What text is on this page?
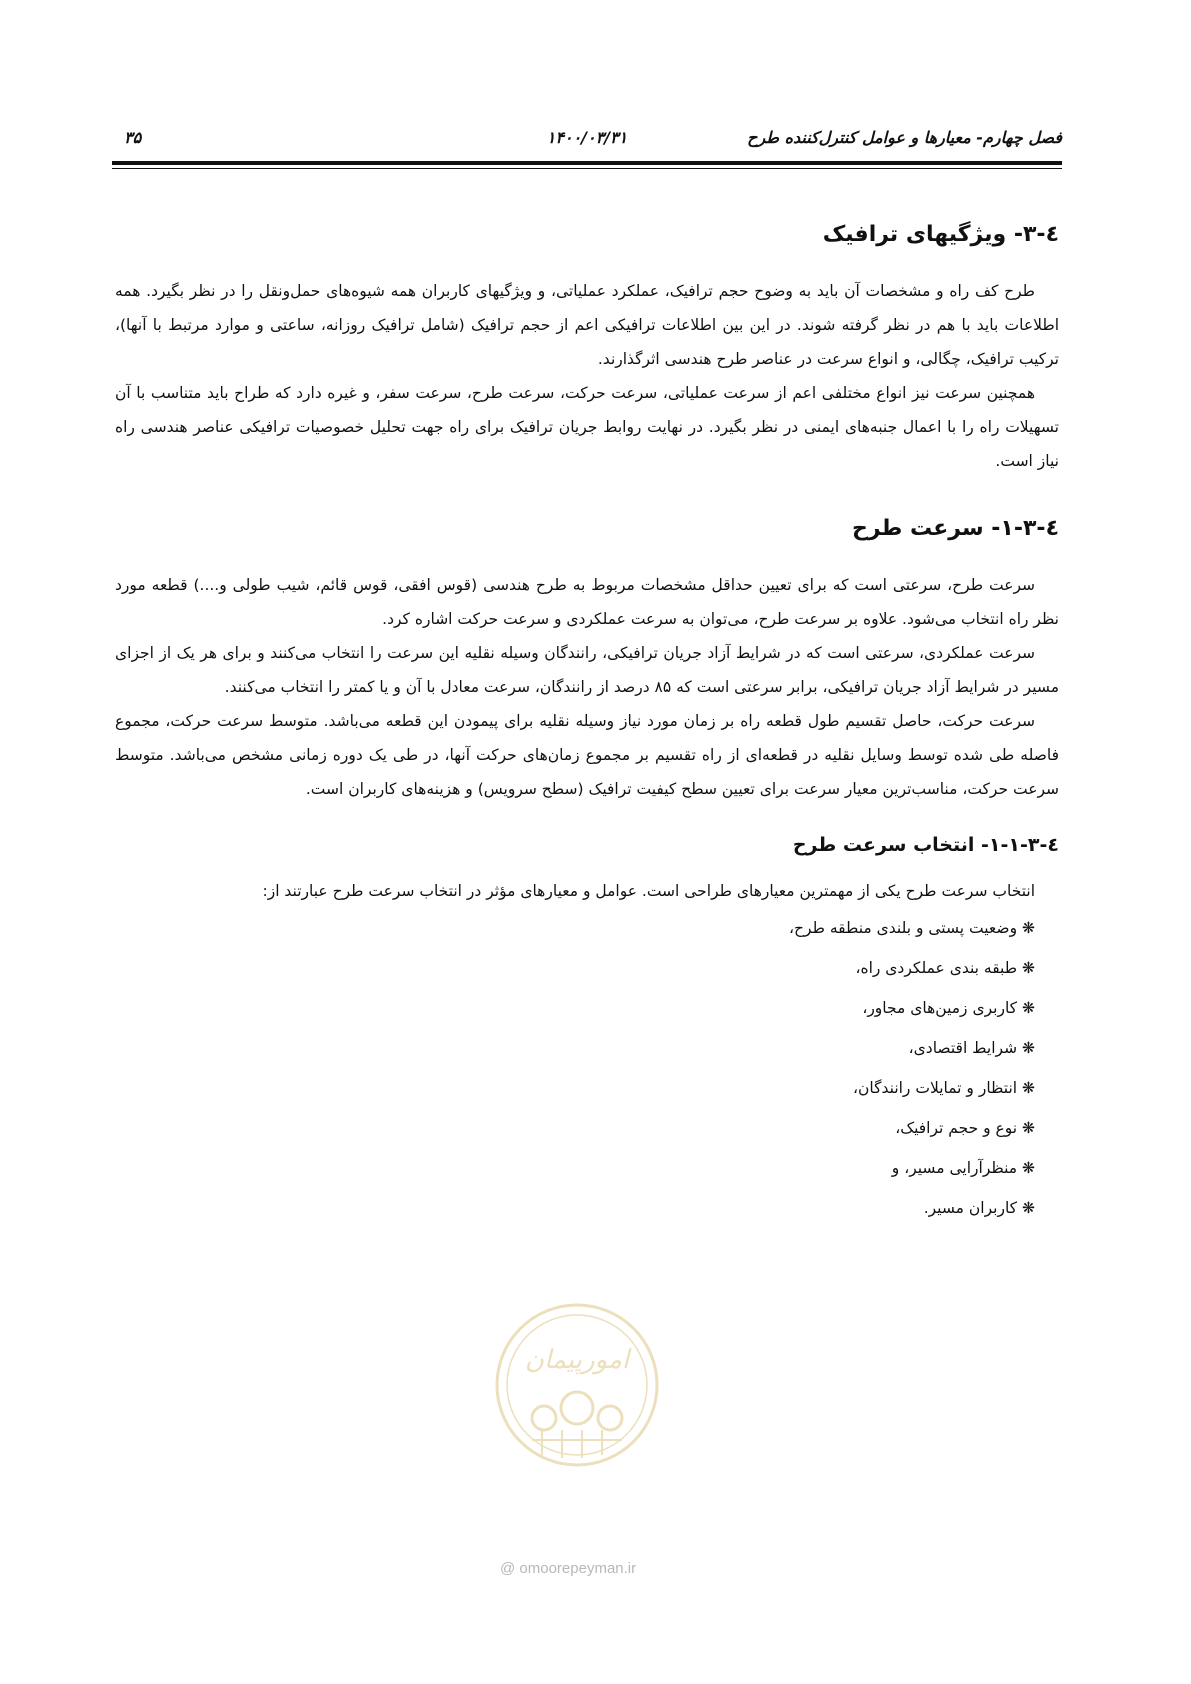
فصل چهارم- معیارها و عوامل کنترل‌کننده طرح
۱۴۰۰/۰۳/۳۱
۳۵
٤-٣- ویژگیهای ترافیک

طرح کف راه و مشخصات آن باید به وضوح حجم ترافیک، عملکرد عملیاتی، و ویژگیهای کاربران همه شیوه‌های حمل‌ونقل را در نظر بگیرد. همه اطلاعات باید با هم در نظر گرفته شوند. در این بین اطلاعات ترافیکی اعم از حجم ترافیک (شامل ترافیک روزانه، ساعتی و موارد مرتبط با آنها)، ترکیب ترافیک، چگالی، و انواع سرعت در عناصر طرح هندسی اثرگذارند.

همچنین سرعت نیز انواع مختلفی اعم از سرعت عملیاتی، سرعت حرکت، سرعت طرح، سرعت سفر، و غیره دارد که طراح باید متناسب با آن تسهیلات راه را با اعمال جنبه‌های ایمنی در نظر بگیرد. در نهایت روابط جریان ترافیک برای راه جهت تحلیل خصوصیات ترافیکی عناصر هندسی راه نیاز است.

٤-٣-١- سرعت طرح

سرعت طرح، سرعتی است که برای تعیین حداقل مشخصات مربوط به طرح هندسی (قوس افقی، قوس قائم، شیب طولی و....) قطعه مورد نظر راه انتخاب می‌شود. علاوه بر سرعت طرح، می‌توان به سرعت عملکردی و سرعت حرکت اشاره کرد.

سرعت عملکردی، سرعتی است که در شرایط آزاد جریان ترافیکی، رانندگان وسیله نقلیه این سرعت را انتخاب می‌کنند و برای هر یک از اجزای مسیر در شرایط آزاد جریان ترافیکی، برابر سرعتی است که ۸۵ درصد از رانندگان، سرعت معادل با آن و یا کمتر را انتخاب می‌کنند.

سرعت حرکت، حاصل تقسیم طول قطعه راه بر زمان مورد نیاز وسیله نقلیه برای پیمودن این قطعه می‌باشد. متوسط سرعت حرکت، مجموع فاصله طی شده توسط وسایل نقلیه در قطعه‌ای از راه تقسیم بر مجموع زمان‌های حرکت آنها، در طی یک دوره زمانی مشخص می‌باشد. متوسط سرعت حرکت، مناسب‌ترین معیار سرعت برای تعیین سطح کیفیت ترافیک (سطح سرویس) و هزینه‌های کاربران است.

٤-٣-١-١- انتخاب سرعت طرح

انتخاب سرعت طرح یکی از مهمترین معیارهای طراحی است. عوامل و معیارهای مؤثر در انتخاب سرعت طرح عبارتند از:

❋ وضعیت پستی و بلندی منطقه طرح،
❋ طبقه بندی عملکردی راه،
❋ کاربری زمین‌های مجاور،
❋ شرایط اقتصادی،
❋ انتظار و تمایلات رانندگان،
❋ نوع و حجم ترافیک،
❋ منظرآرایی مسیر، و
❋ کاربران مسیر.
امورپیمان
@ omoorepeyman.ir
